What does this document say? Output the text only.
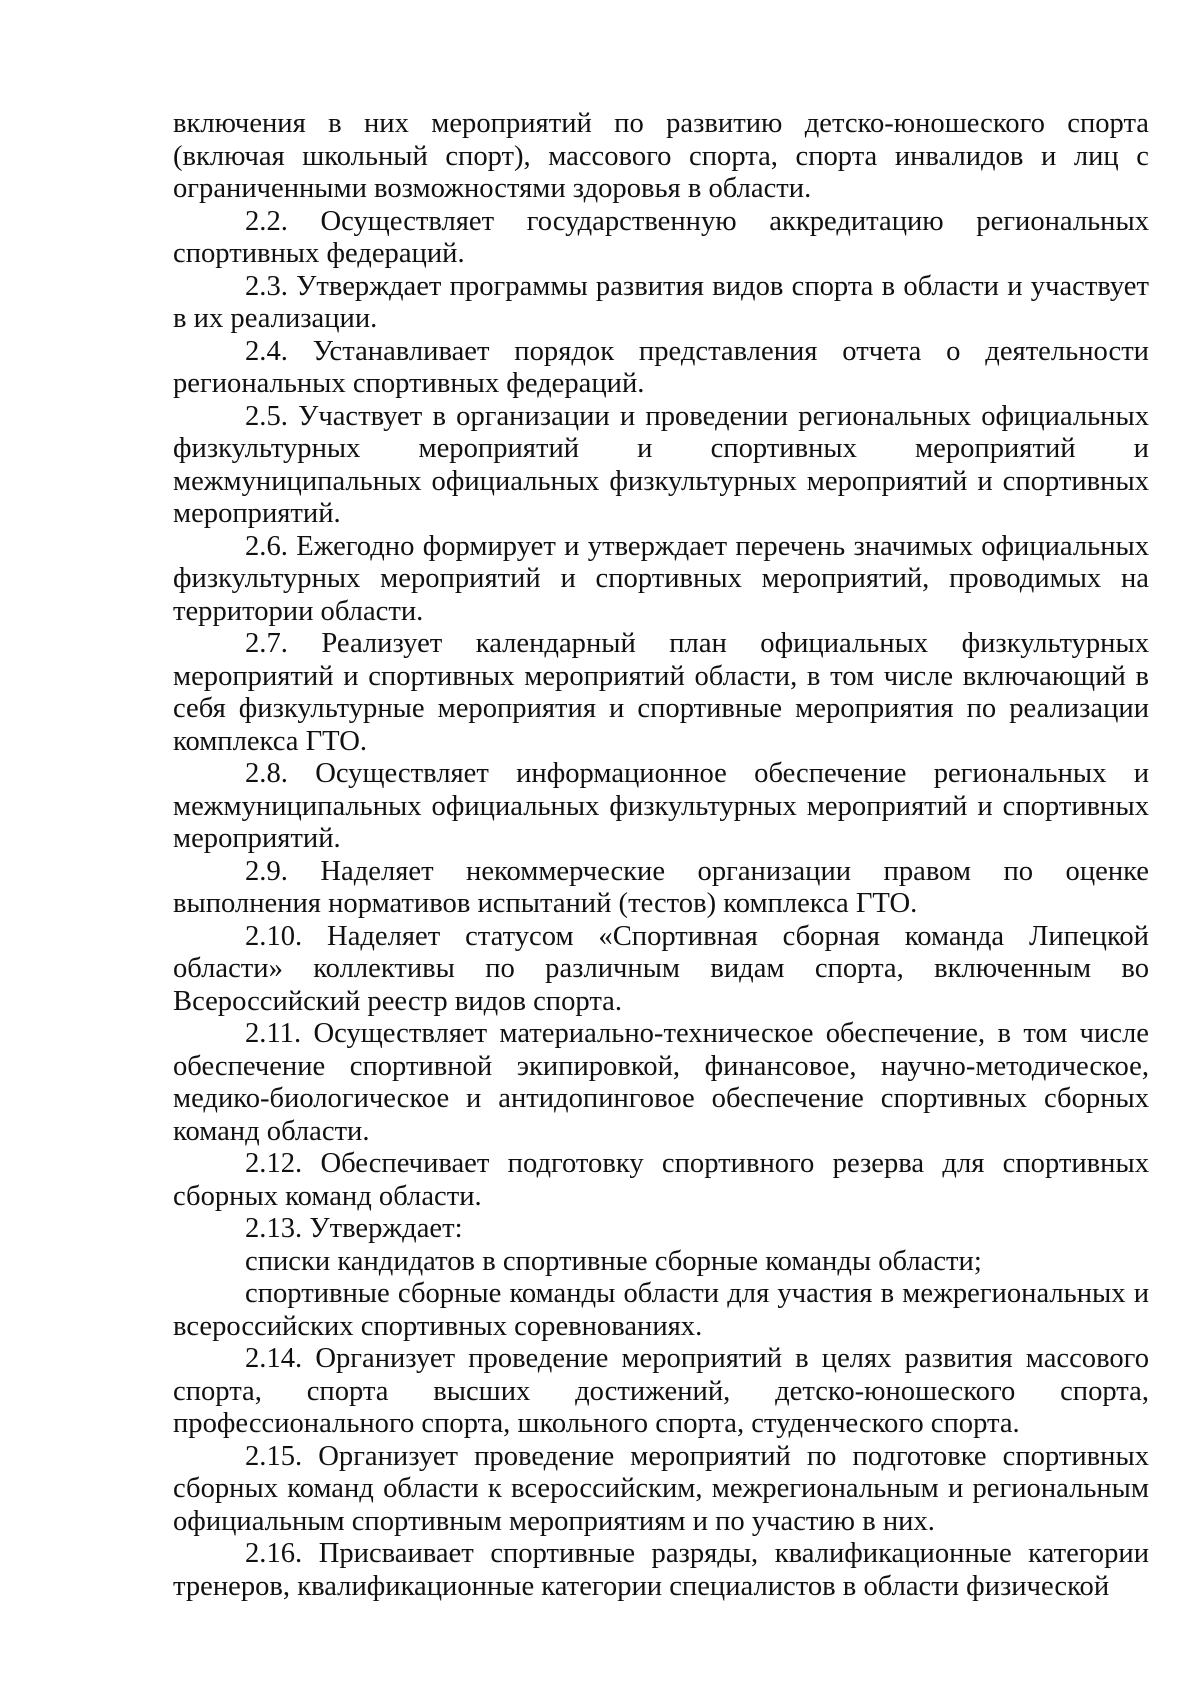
включения в них мероприятий по развитию детско-юношеского спорта (включая школьный спорт), массового спорта, спорта инвалидов и лиц с ограниченными возможностями здоровья в области.

2.2. Осуществляет государственную аккредитацию региональных спортивных федераций.

2.3. Утверждает программы развития видов спорта в области и участвует в их реализации.

2.4. Устанавливает порядок представления отчета о деятельности региональных спортивных федераций.

2.5. Участвует в организации и проведении региональных официальных физкультурных мероприятий и спортивных мероприятий и межмуниципальных официальных физкультурных мероприятий и спортивных мероприятий.

2.6. Ежегодно формирует и утверждает перечень значимых официальных физкультурных мероприятий и спортивных мероприятий, проводимых на территории области.

2.7. Реализует календарный план официальных физкультурных мероприятий и спортивных мероприятий области, в том числе включающий в себя физкультурные мероприятия и спортивные мероприятия по реализации комплекса ГТО.

2.8. Осуществляет информационное обеспечение региональных и межмуниципальных официальных физкультурных мероприятий и спортивных мероприятий.

2.9. Наделяет некоммерческие организации правом по оценке выполнения нормативов испытаний (тестов) комплекса ГТО.

2.10. Наделяет статусом «Спортивная сборная команда Липецкой области» коллективы по различным видам спорта, включенным во Всероссийский реестр видов спорта.

2.11. Осуществляет материально-техническое обеспечение, в том числе обеспечение спортивной экипировкой, финансовое, научно-методическое, медико-биологическое и антидопинговое обеспечение спортивных сборных команд области.

2.12. Обеспечивает подготовку спортивного резерва для спортивных сборных команд области.

2.13. Утверждает:

списки кандидатов в спортивные сборные команды области;

спортивные сборные команды области для участия в межрегиональных и всероссийских спортивных соревнованиях.

2.14. Организует проведение мероприятий в целях развития массового спорта, спорта высших достижений, детско-юношеского спорта, профессионального спорта, школьного спорта, студенческого спорта.

2.15. Организует проведение мероприятий по подготовке спортивных сборных команд области к всероссийским, межрегиональным и региональным официальным спортивным мероприятиям и по участию в них.

2.16. Присваивает спортивные разряды, квалификационные категории тренеров, квалификационные категории специалистов в области физической
